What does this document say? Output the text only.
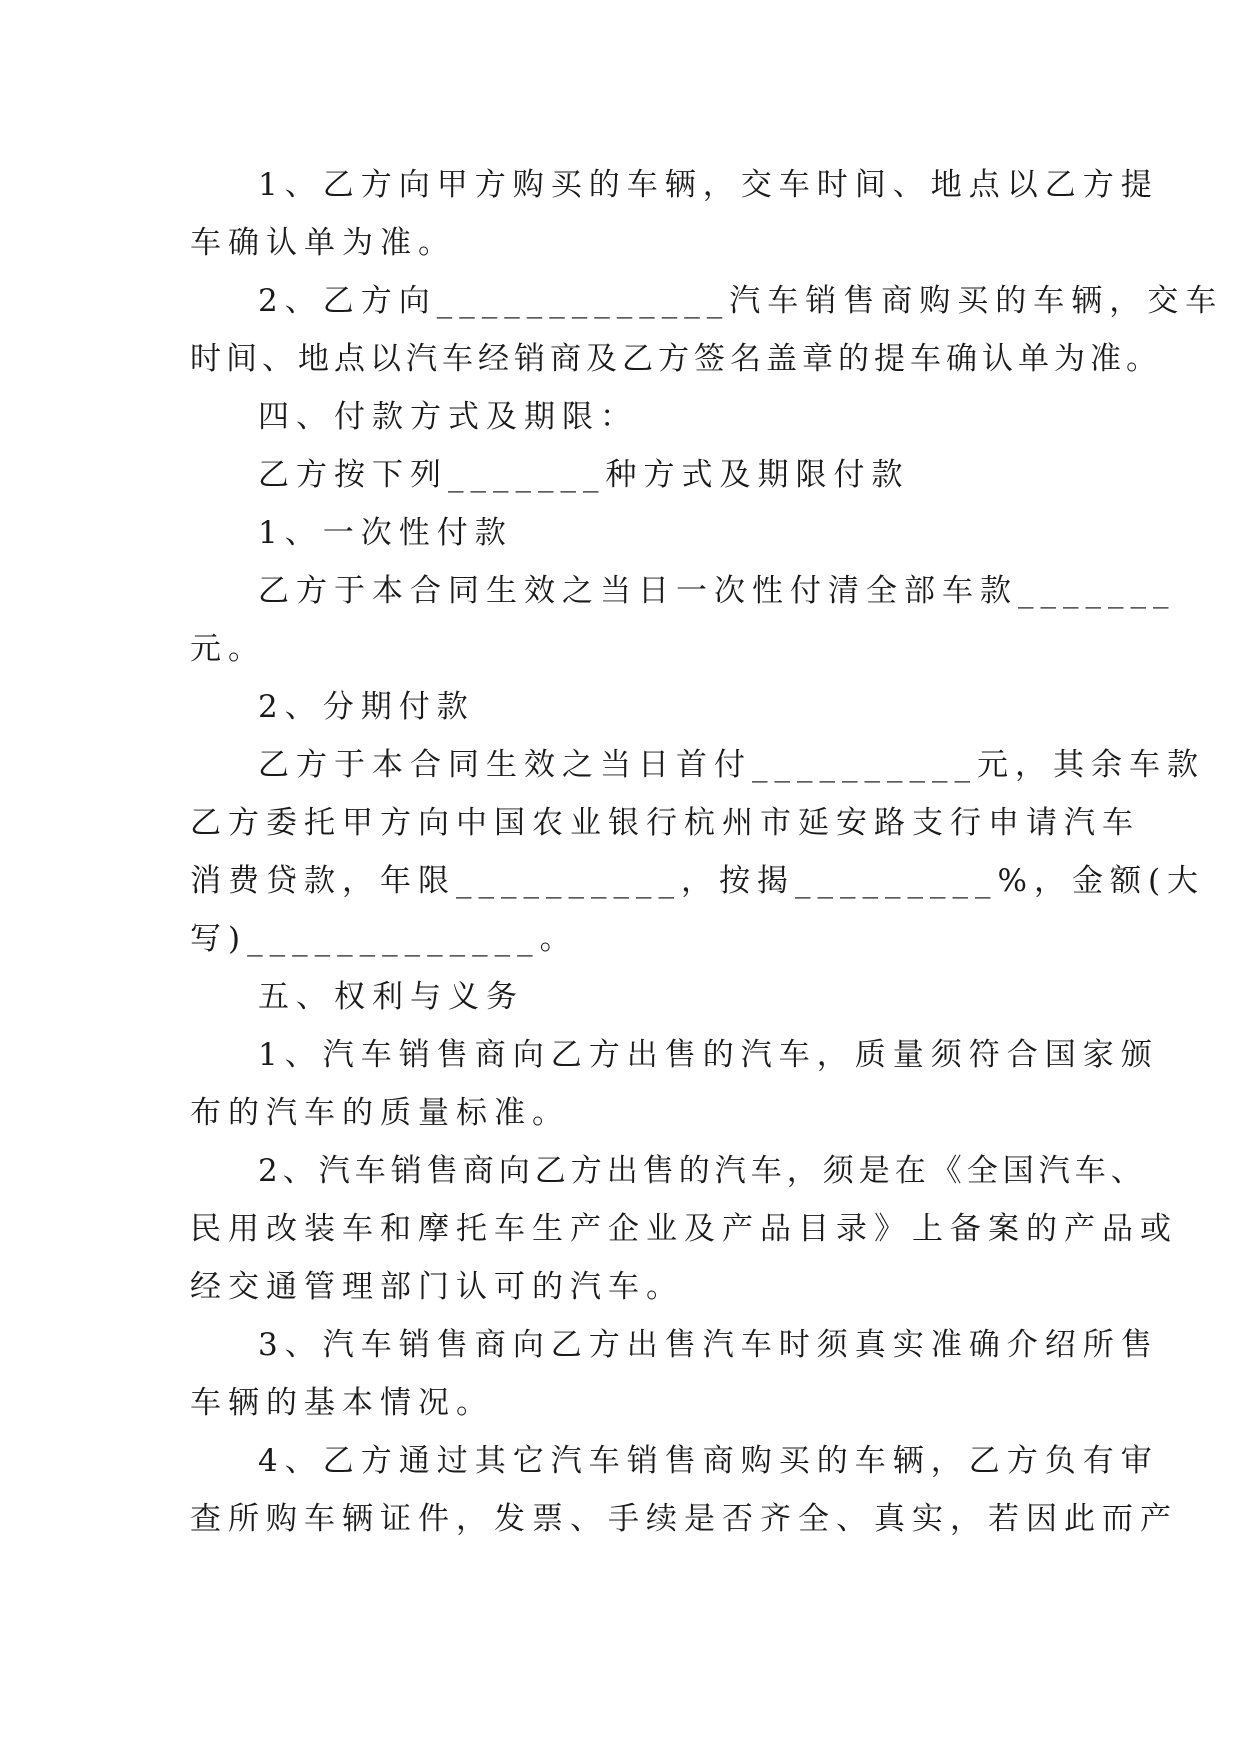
1、乙方向甲方购买的车辆，交车时间、地点以乙方提
车确认单为准。
2、乙方向_____________汽车销售商购买的车辆，交车
时间、地点以汽车经销商及乙方签名盖章的提车确认单为准。
四、付款方式及期限：
乙方按下列_______种方式及期限付款
1、一次性付款
乙方于本合同生效之当日一次性付清全部车款_______
元。
2、分期付款
乙方于本合同生效之当日首付__________元，其余车款
乙方委托甲方向中国农业银行杭州市延安路支行申请汽车
消费贷款，年限__________，按揭_________%，金额(大
写)_____________。
五、权利与义务
1、汽车销售商向乙方出售的汽车，质量须符合国家颁
布的汽车的质量标准。
2、汽车销售商向乙方出售的汽车，须是在《全国汽车、
民用改装车和摩托车生产企业及产品目录》上备案的产品或
经交通管理部门认可的汽车。
3、汽车销售商向乙方出售汽车时须真实准确介绍所售
车辆的基本情况。
4、乙方通过其它汽车销售商购买的车辆，乙方负有审
查所购车辆证件，发票、手续是否齐全、真实，若因此而产
